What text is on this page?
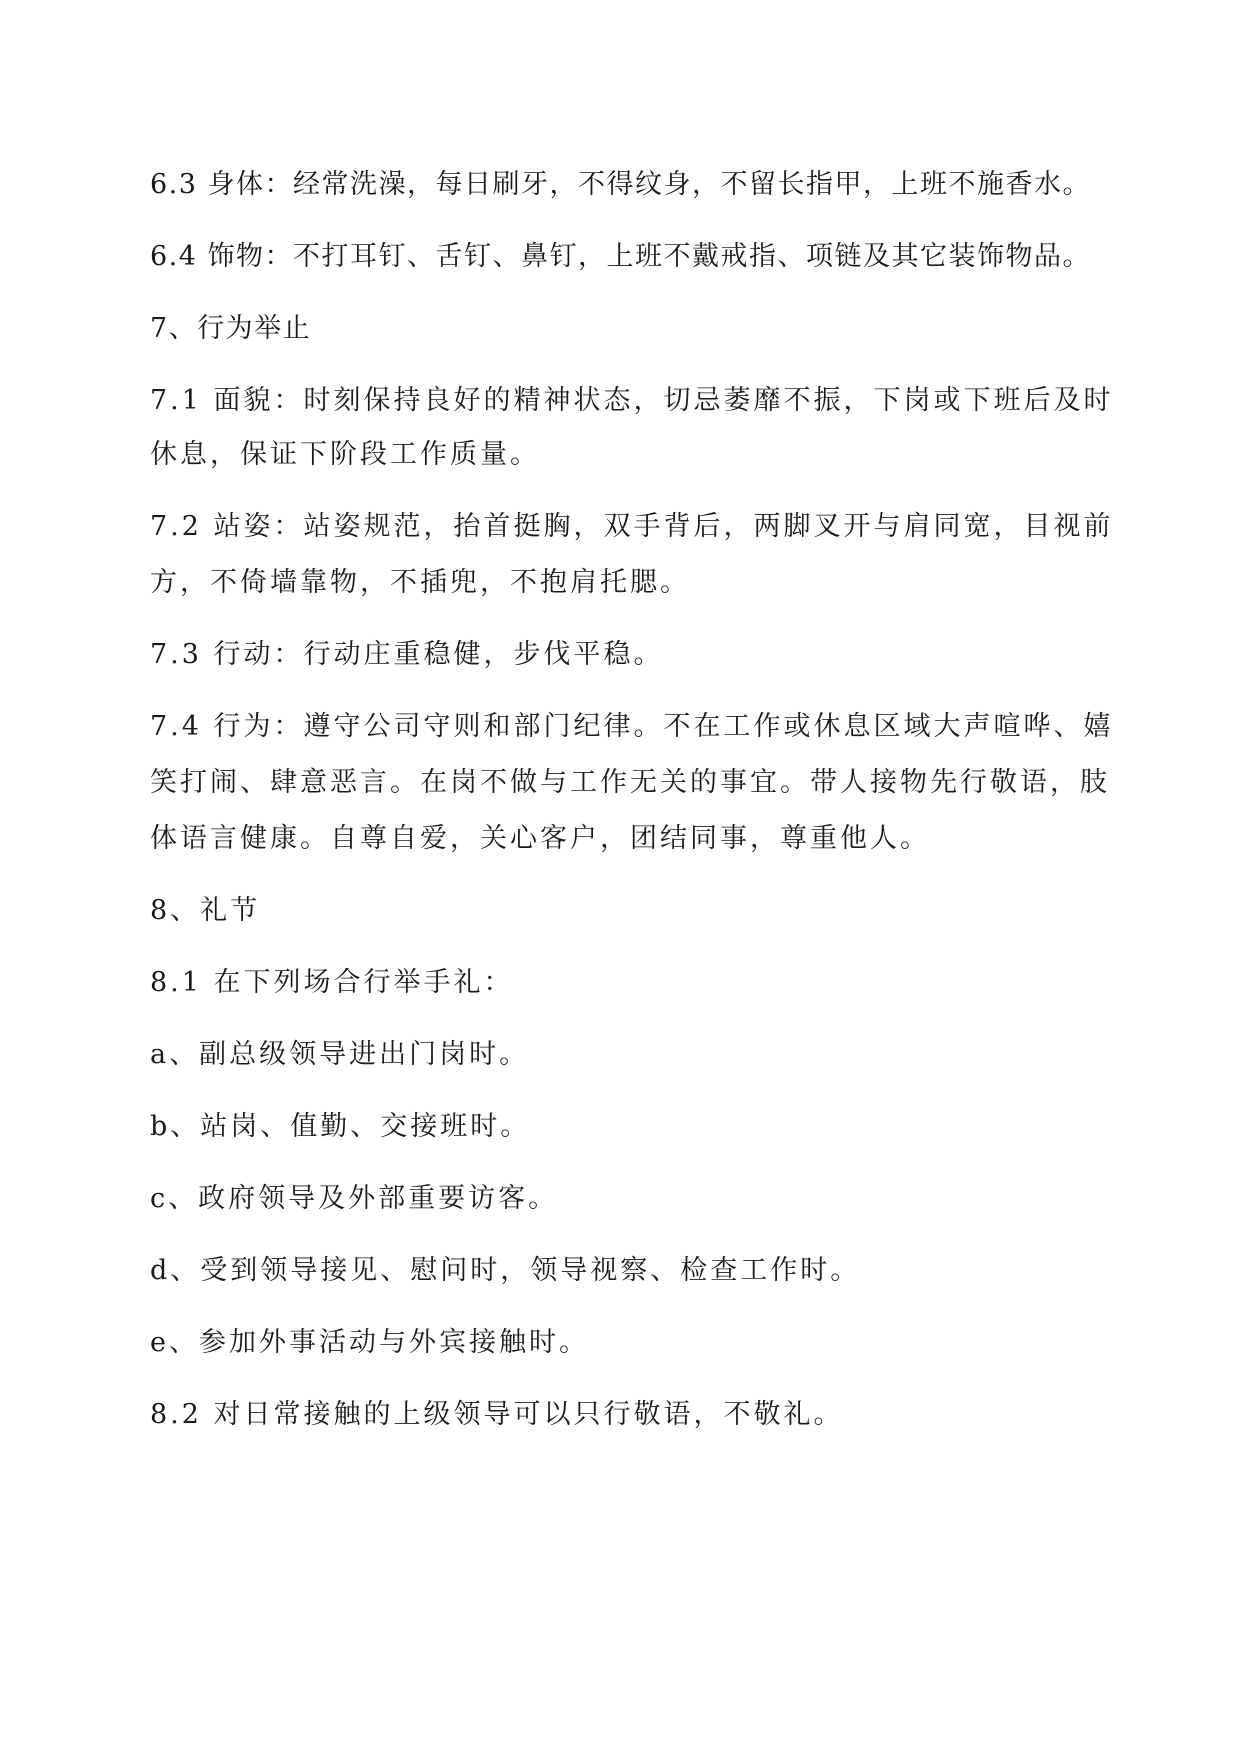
6.3 身体：经常洗澡，每日刷牙，不得纹身，不留长指甲，上班不施香水。
6.4 饰物：不打耳钉、舌钉、鼻钉，上班不戴戒指、项链及其它装饰物品。
7、行为举止
7.1 面貌：时刻保持良好的精神状态，切忌萎靡不振，下岗或下班后及时
休息，保证下阶段工作质量。
7.2 站姿：站姿规范，抬首挺胸，双手背后，两脚叉开与肩同宽，目视前
方，不倚墙靠物，不插兜，不抱肩托腮。
7.3 行动：行动庄重稳健，步伐平稳。
7.4 行为：遵守公司守则和部门纪律。不在工作或休息区域大声喧哗、嬉
笑打闹、肆意恶言。在岗不做与工作无关的事宜。带人接物先行敬语，肢
体语言健康。自尊自爱，关心客户，团结同事，尊重他人。
8、礼节
8.1 在下列场合行举手礼：
a、副总级领导进出门岗时。
b、站岗、值勤、交接班时。
c、政府领导及外部重要访客。
d、受到领导接见、慰问时，领导视察、检查工作时。
e、参加外事活动与外宾接触时。
8.2 对日常接触的上级领导可以只行敬语，不敬礼。
